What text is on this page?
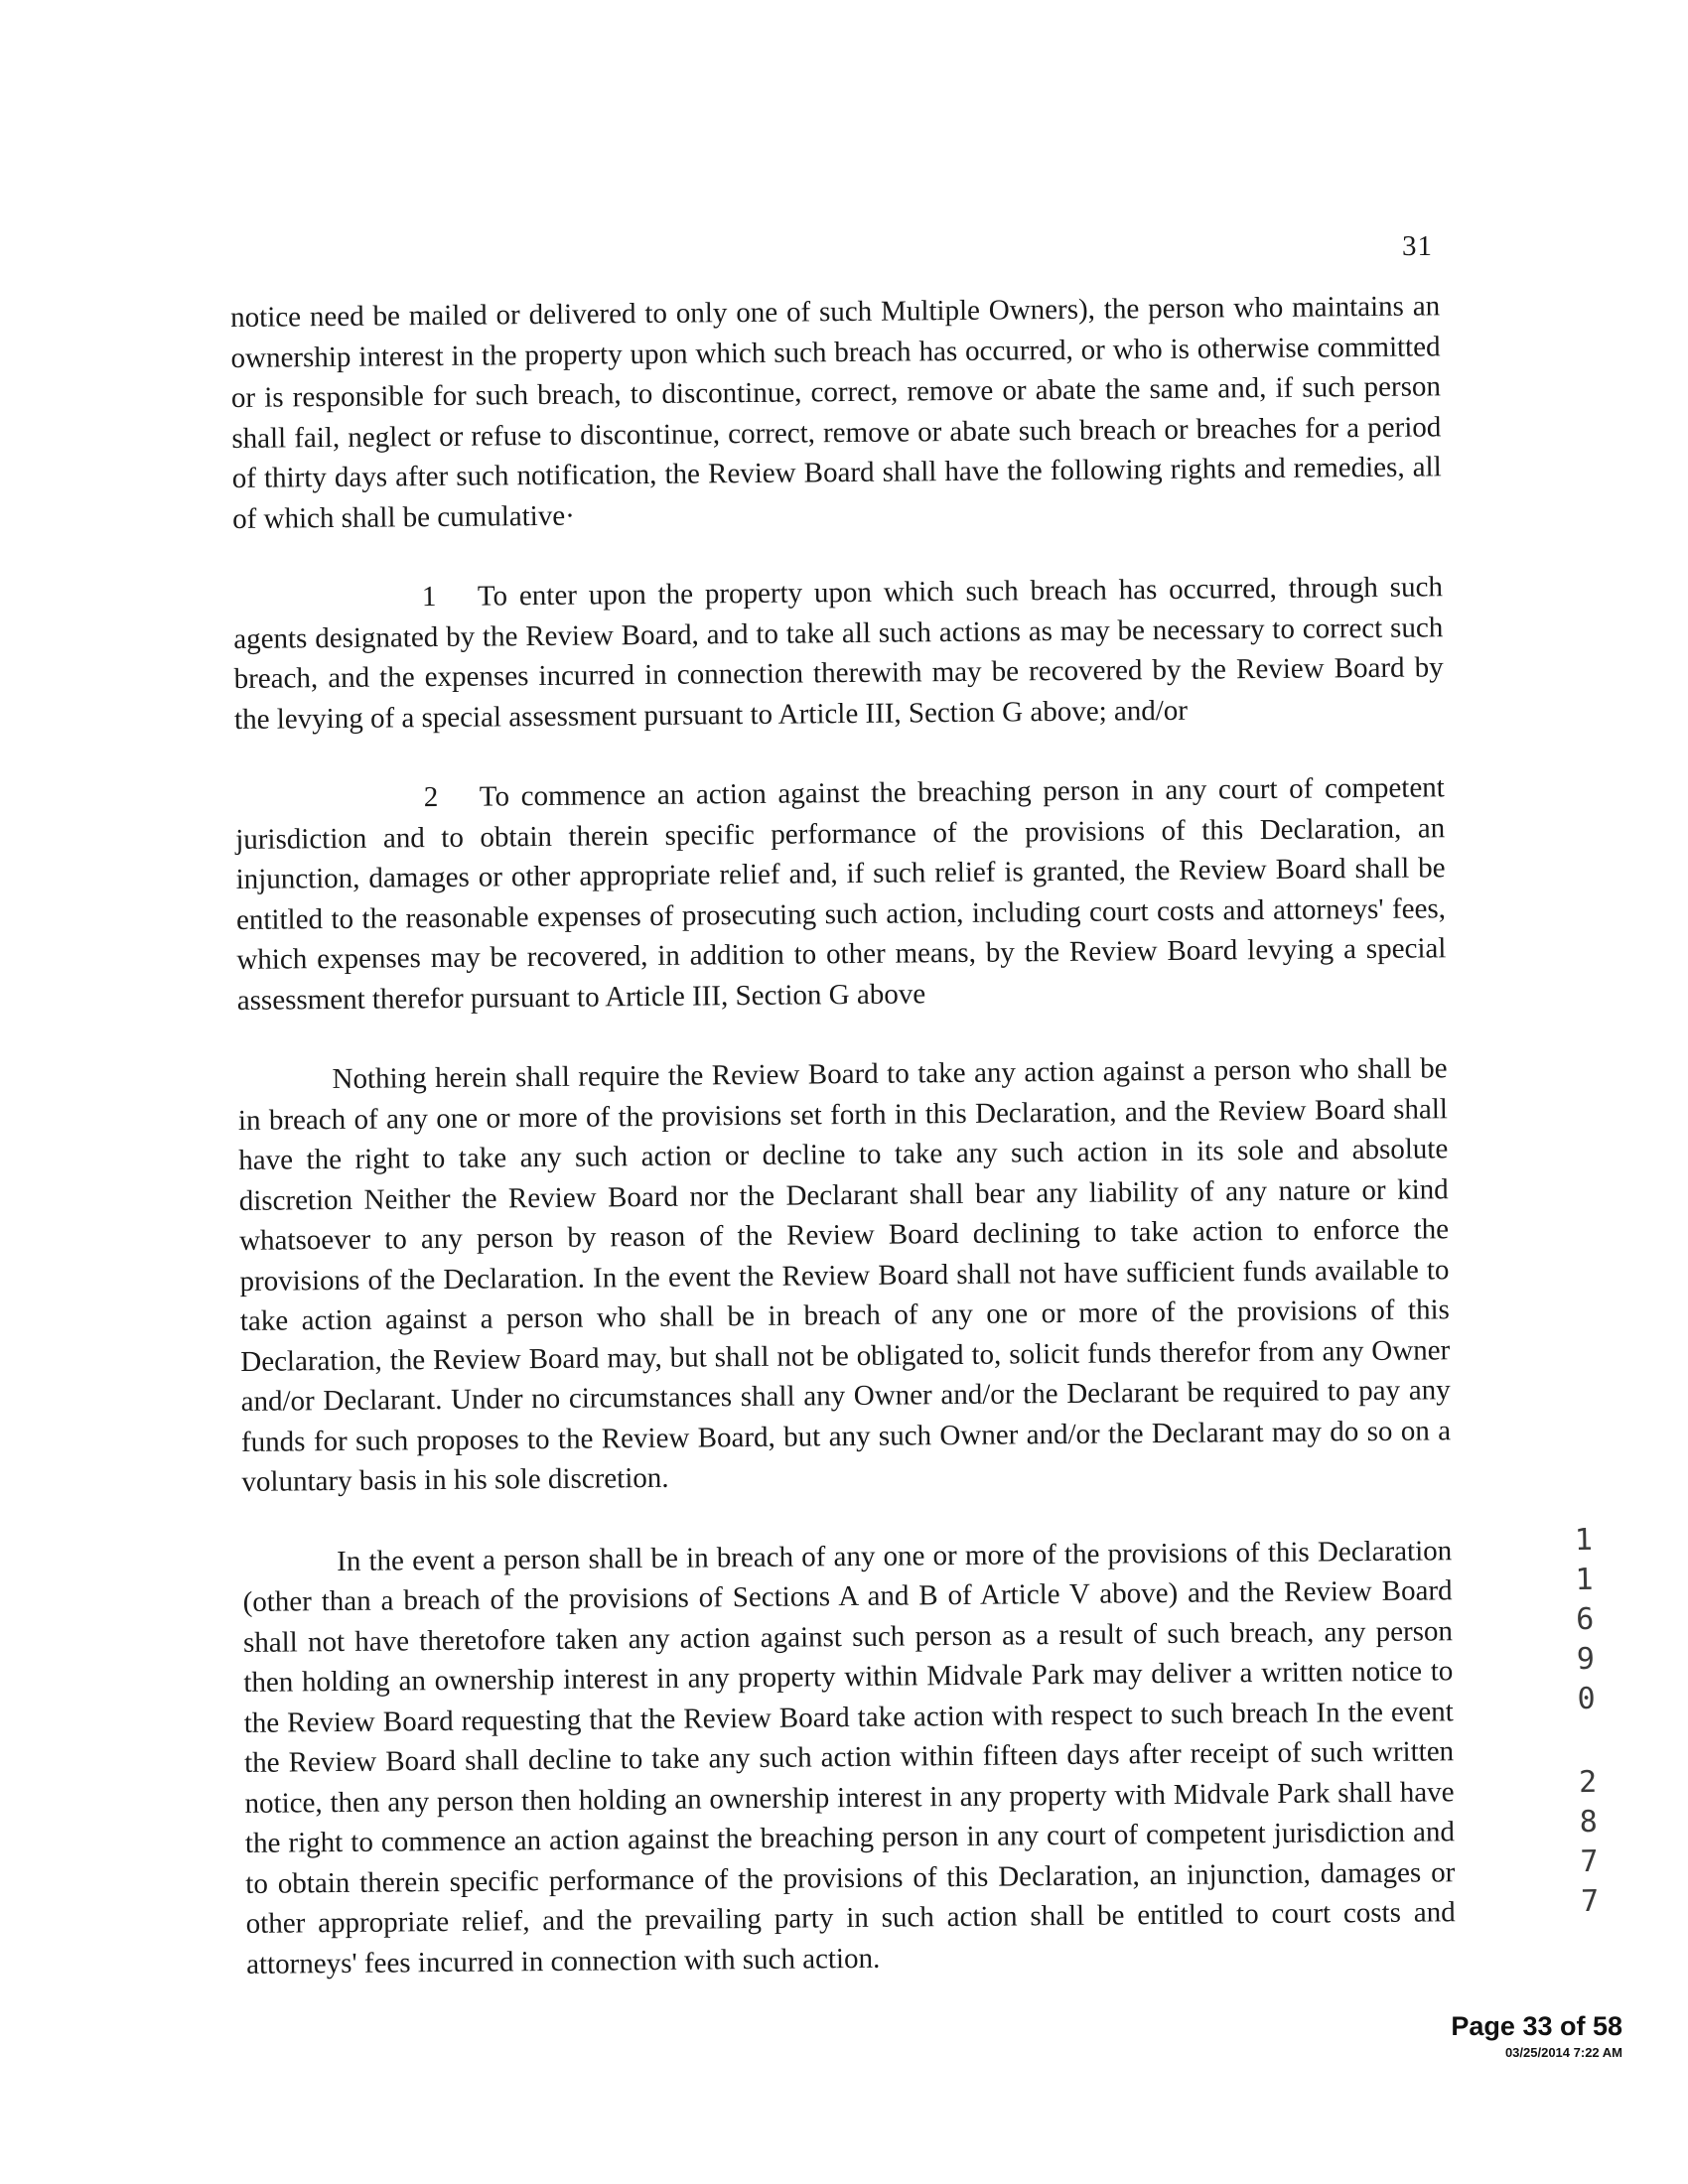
31

notice need be mailed or delivered to only one of such Multiple Owners), the person who maintains an ownership interest in the property upon which such breach has occurred, or who is otherwise committed or is responsible for such breach, to discontinue, correct, remove or abate the same and, if such person shall fail, neglect or refuse to discontinue, correct, remove or abate such breach or breaches for a period of thirty days after such notification, the Review Board shall have the following rights and remedies, all of which shall be cumulative·

1 To enter upon the property upon which such breach has occurred, through such agents designated by the Review Board, and to take all such actions as may be necessary to correct such breach, and the expenses incurred in connection therewith may be recovered by the Review Board by the levying of a special assessment pursuant to Article III, Section G above; and/or

2 To commence an action against the breaching person in any court of competent jurisdiction and to obtain therein specific performance of the provisions of this Declaration, an injunction, damages or other appropriate relief and, if such relief is granted, the Review Board shall be entitled to the reasonable expenses of prosecuting such action, including court costs and attorneys' fees, which expenses may be recovered, in addition to other means, by the Review Board levying a special assessment therefor pursuant to Article III, Section G above

Nothing herein shall require the Review Board to take any action against a person who shall be in breach of any one or more of the provisions set forth in this Declaration, and the Review Board shall have the right to take any such action or decline to take any such action in its sole and absolute discretion Neither the Review Board nor the Declarant shall bear any liability of any nature or kind whatsoever to any person by reason of the Review Board declining to take action to enforce the provisions of the Declaration. In the event the Review Board shall not have sufficient funds available to take action against a person who shall be in breach of any one or more of the provisions of this Declaration, the Review Board may, but shall not be obligated to, solicit funds therefor from any Owner and/or Declarant. Under no circumstances shall any Owner and/or the Declarant be required to pay any funds for such proposes to the Review Board, but any such Owner and/or the Declarant may do so on a voluntary basis in his sole discretion.

In the event a person shall be in breach of any one or more of the provisions of this Declaration (other than a breach of the provisions of Sections A and B of Article V above) and the Review Board shall not have theretofore taken any action against such person as a result of such breach, any person then holding an ownership interest in any property within Midvale Park may deliver a written notice to the Review Board requesting that the Review Board take action with respect to such breach In the event the Review Board shall decline to take any such action within fifteen days after receipt of such written notice, then any person then holding an ownership interest in any property with Midvale Park shall have the right to commence an action against the breaching person in any court of competent jurisdiction and to obtain therein specific performance of the provisions of this Declaration, an injunction, damages or other appropriate relief, and the prevailing party in such action shall be entitled to court costs and attorneys' fees incurred in connection with such action.

1
1
6
9
0
2
8
7
7
Page 33 of 58
03/25/2014 7:22 AM
